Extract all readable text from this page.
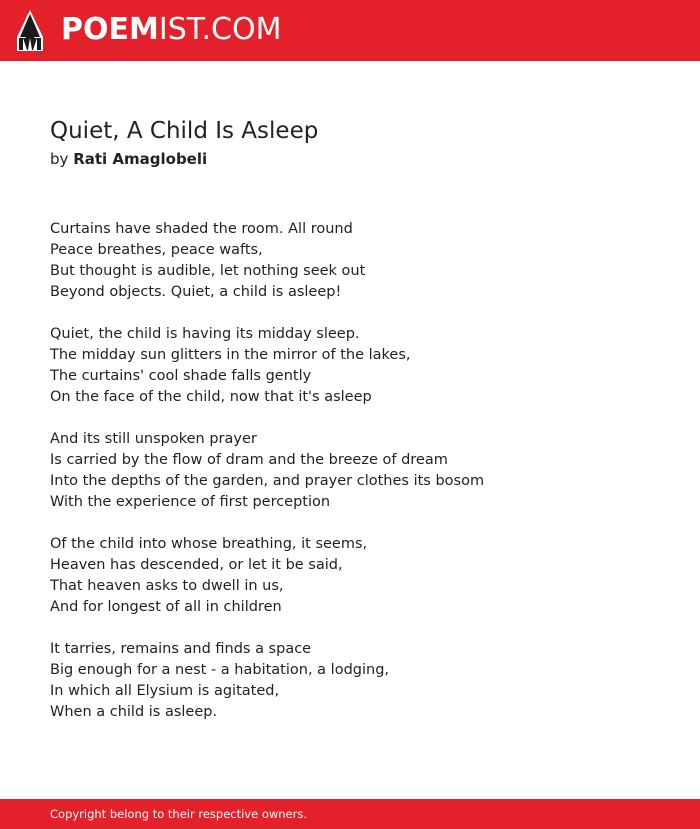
POEMIST.COM
Quiet, A Child Is Asleep
by Rati Amaglobeli
Curtains have shaded the room. All round
Peace breathes, peace wafts,
But thought is audible, let nothing seek out
Beyond objects. Quiet, a child is asleep!
Quiet, the child is having its midday sleep.
The midday sun glitters in the mirror of the lakes,
The curtains' cool shade falls gently
On the face of the child, now that it's asleep
And its still unspoken prayer
Is carried by the flow of dram and the breeze of dream
Into the depths of the garden, and prayer clothes its bosom
With the experience of first perception
Of the child into whose breathing, it seems,
Heaven has descended, or let it be said,
That heaven asks to dwell in us,
And for longest of all in children
It tarries, remains and finds a space
Big enough for a nest - a habitation, a lodging,
In which all Elysium is agitated,
When a child is asleep.
Copyright belong to their respective owners.
